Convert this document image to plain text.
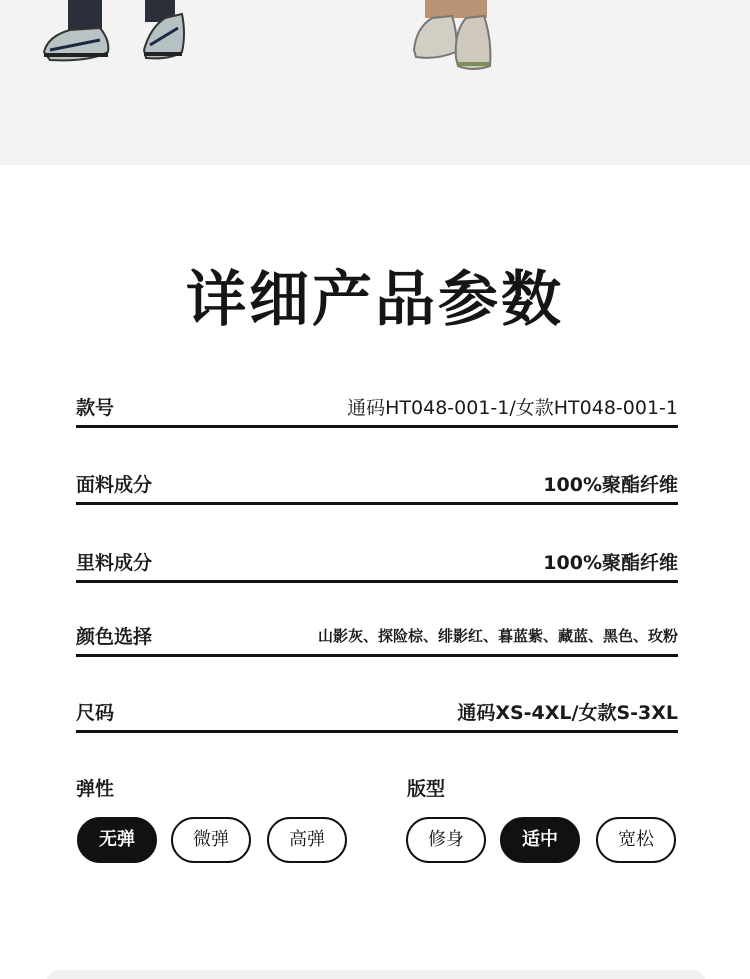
详细产品参数
款号	通码HT048-001-1/女款HT048-001-1
面料成分	100%聚酯纤维
里料成分	100%聚酯纤维
颜色选择	山影灰、探险棕、绯影红、暮蓝紫、藏蓝、黑色、玫粉
尺码	通码XS-4XL/女款S-3XL
弹性
无弹	微弹	高弹
版型
修身	适中	宽松
